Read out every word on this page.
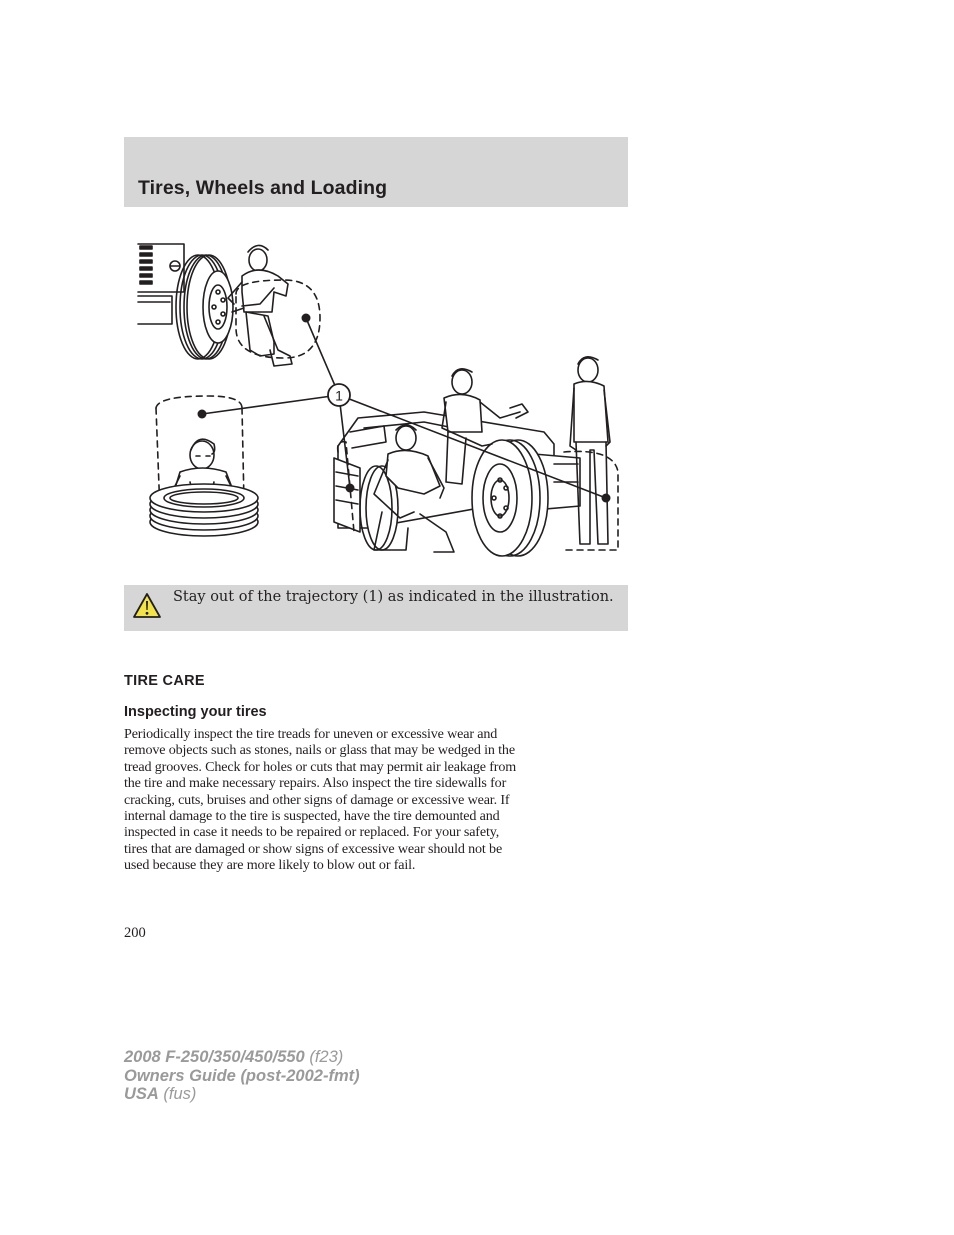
Tires, Wheels and Loading
1

Stay out of the trajectory (1) as indicated in the illustration.

TIRE CARE
Inspecting your tires
Periodically inspect the tire treads for uneven or excessive wear and
remove objects such as stones, nails or glass that may be wedged in the
tread grooves. Check for holes or cuts that may permit air leakage from
the tire and make necessary repairs. Also inspect the tire sidewalls for
cracking, cuts, bruises and other signs of damage or excessive wear. If
internal damage to the tire is suspected, have the tire demounted and
inspected in case it needs to be repaired or replaced. For your safety,
tires that are damaged or show signs of excessive wear should not be
used because they are more likely to blow out or fail.

200

2008 F-250/350/450/550 (f23)
Owners Guide (post-2002-fmt)
USA (fus)
